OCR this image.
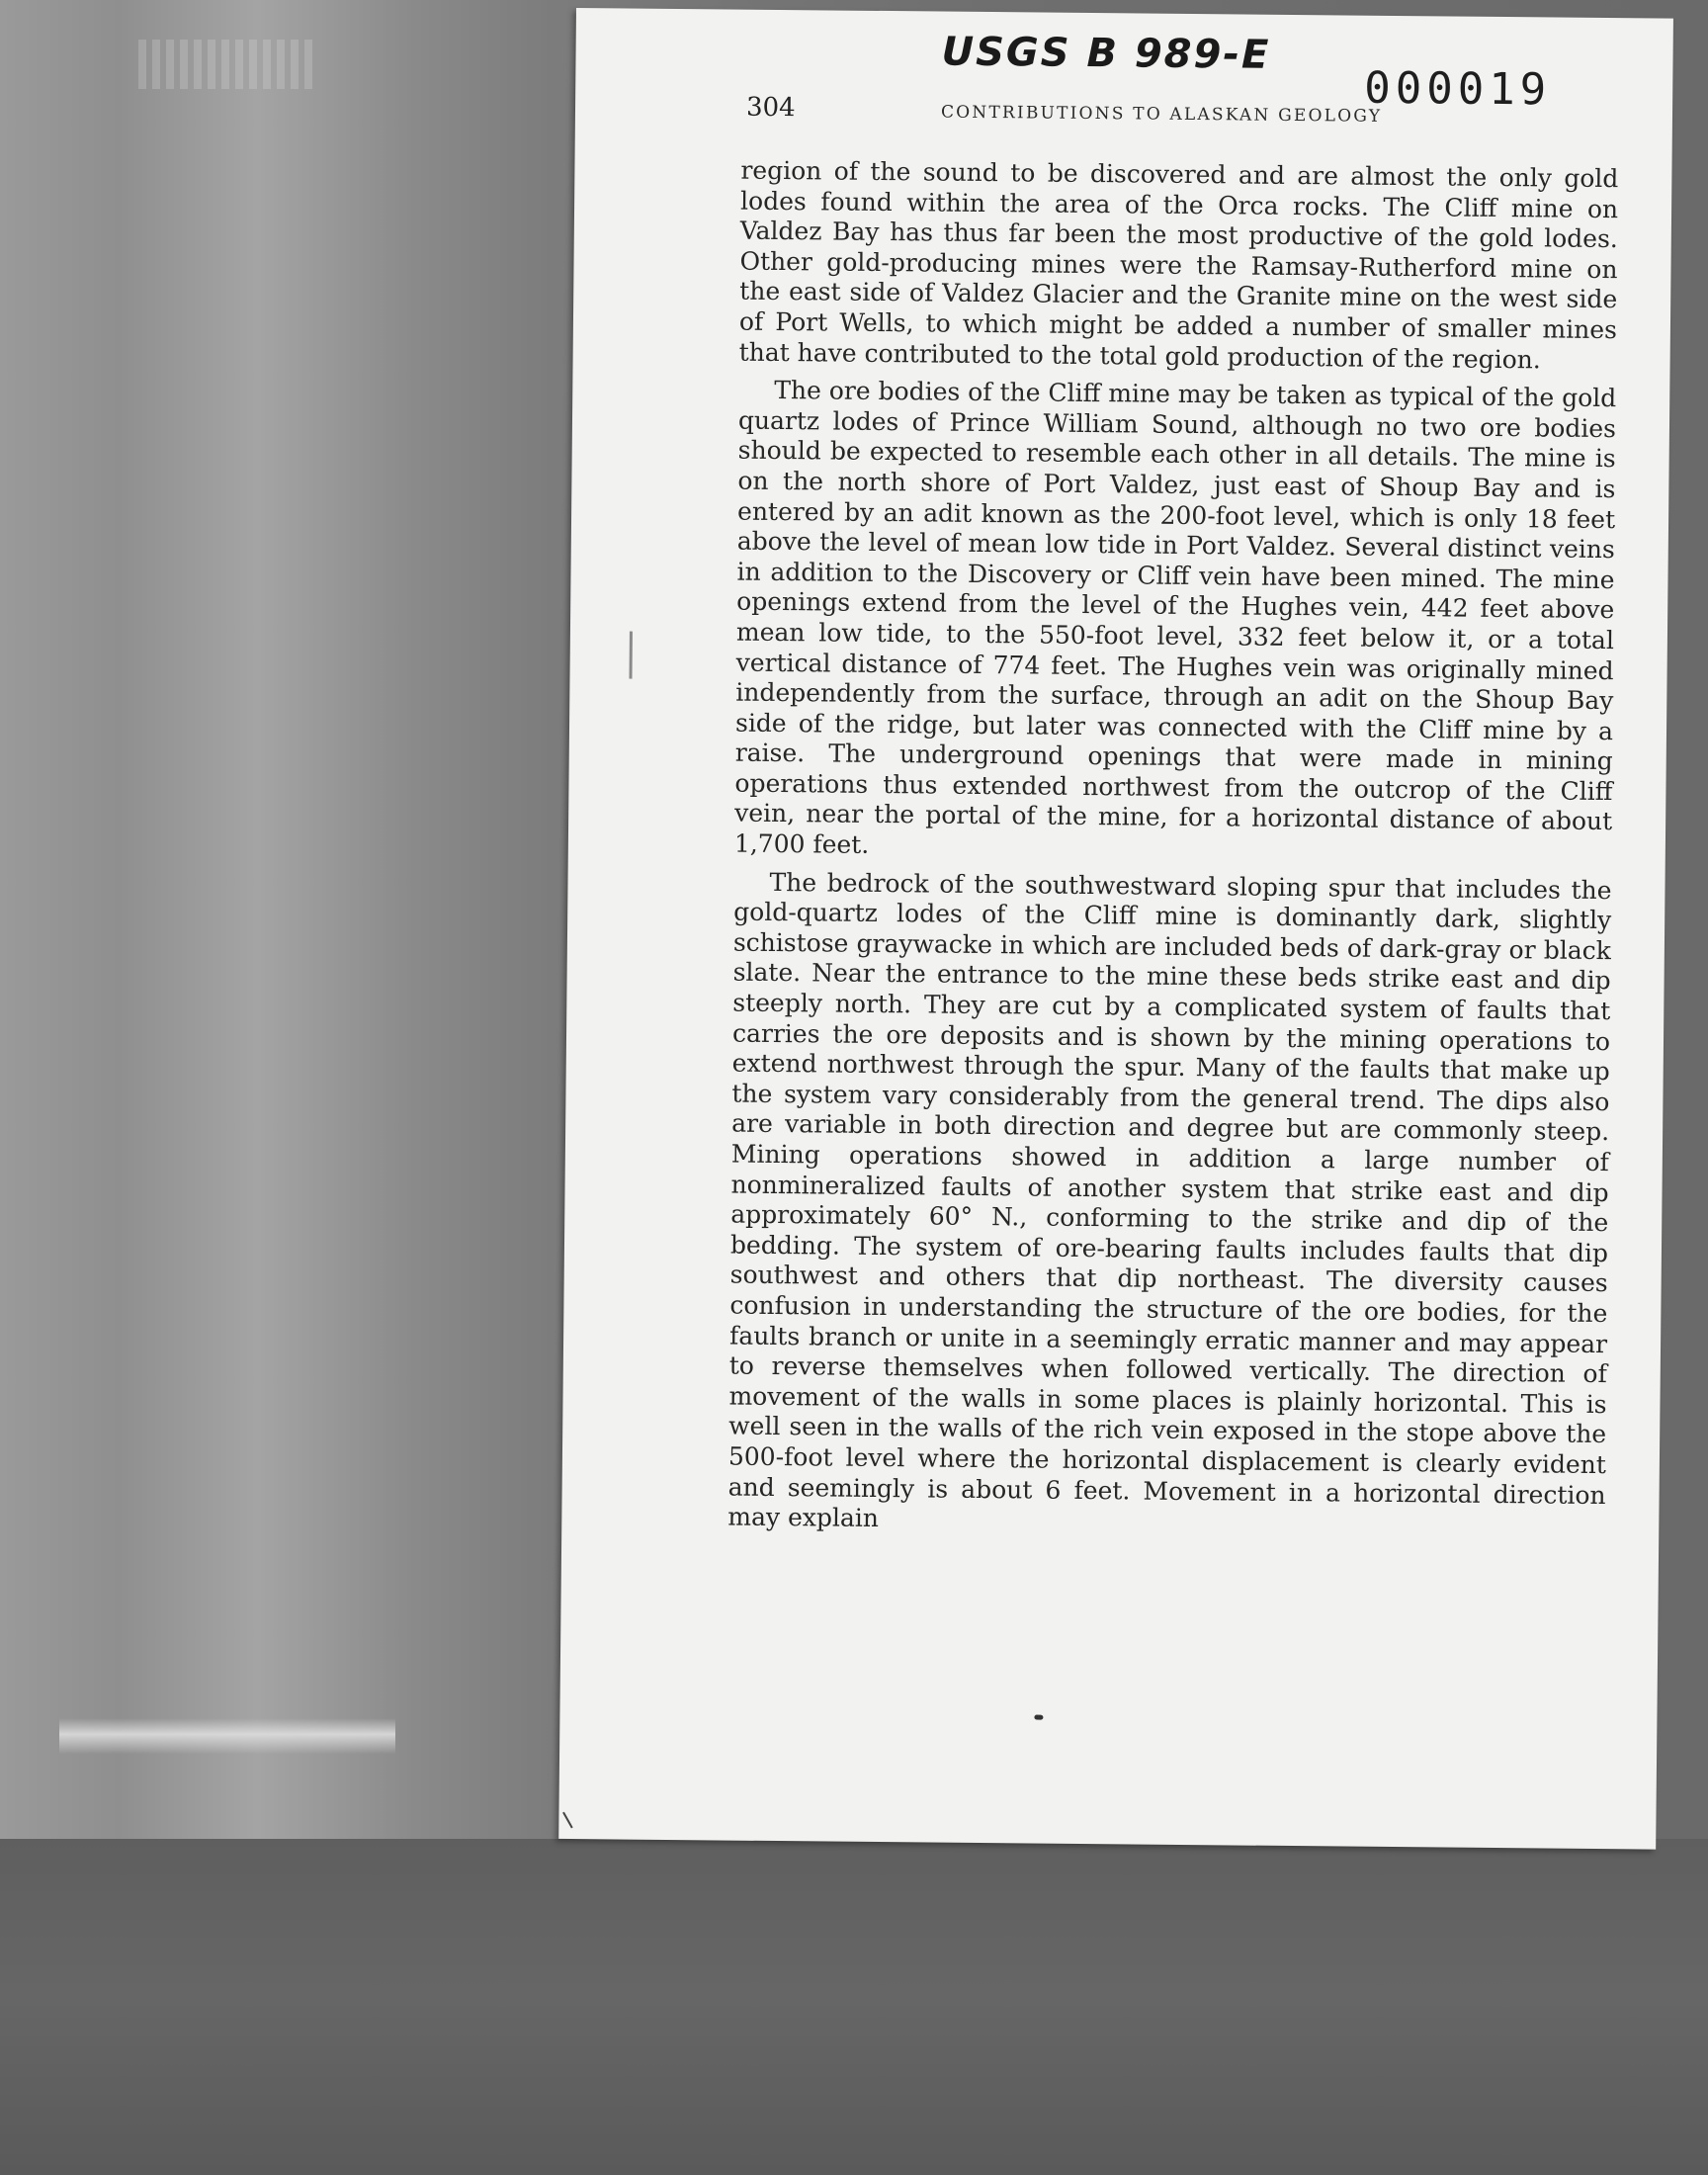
USGS B 989-E
000019
304	CONTRIBUTIONS TO ALASKAN GEOLOGY

region of the sound to be discovered and are almost the only gold lodes found within the area of the Orca rocks. The Cliff mine on Valdez Bay has thus far been the most productive of the gold lodes. Other gold-producing mines were the Ramsay-Rutherford mine on the east side of Valdez Glacier and the Granite mine on the west side of Port Wells, to which might be added a number of smaller mines that have contributed to the total gold production of the region.

The ore bodies of the Cliff mine may be taken as typical of the gold quartz lodes of Prince William Sound, although no two ore bodies should be expected to resemble each other in all details. The mine is on the north shore of Port Valdez, just east of Shoup Bay and is entered by an adit known as the 200-foot level, which is only 18 feet above the level of mean low tide in Port Valdez. Several distinct veins in addition to the Discovery or Cliff vein have been mined. The mine openings extend from the level of the Hughes vein, 442 feet above mean low tide, to the 550-foot level, 332 feet below it, or a total vertical distance of 774 feet. The Hughes vein was originally mined independently from the surface, through an adit on the Shoup Bay side of the ridge, but later was connected with the Cliff mine by a raise. The underground openings that were made in mining operations thus extended northwest from the outcrop of the Cliff vein, near the portal of the mine, for a horizontal distance of about 1,700 feet.

The bedrock of the southwestward sloping spur that includes the gold-quartz lodes of the Cliff mine is dominantly dark, slightly schistose graywacke in which are included beds of dark-gray or black slate. Near the entrance to the mine these beds strike east and dip steeply north. They are cut by a complicated system of faults that carries the ore deposits and is shown by the mining operations to extend northwest through the spur. Many of the faults that make up the system vary considerably from the general trend. The dips also are variable in both direction and degree but are commonly steep. Mining operations showed in addition a large number of nonmineralized faults of another system that strike east and dip approximately 60° N., conforming to the strike and dip of the bedding. The system of ore-bearing faults includes faults that dip southwest and others that dip northeast. The diversity causes confusion in understanding the structure of the ore bodies, for the faults branch or unite in a seemingly erratic manner and may appear to reverse themselves when followed vertically. The direction of movement of the walls in some places is plainly horizontal. This is well seen in the walls of the rich vein exposed in the stope above the 500-foot level where the horizontal displacement is clearly evident and seemingly is about 6 feet. Movement in a horizontal direction may explain
